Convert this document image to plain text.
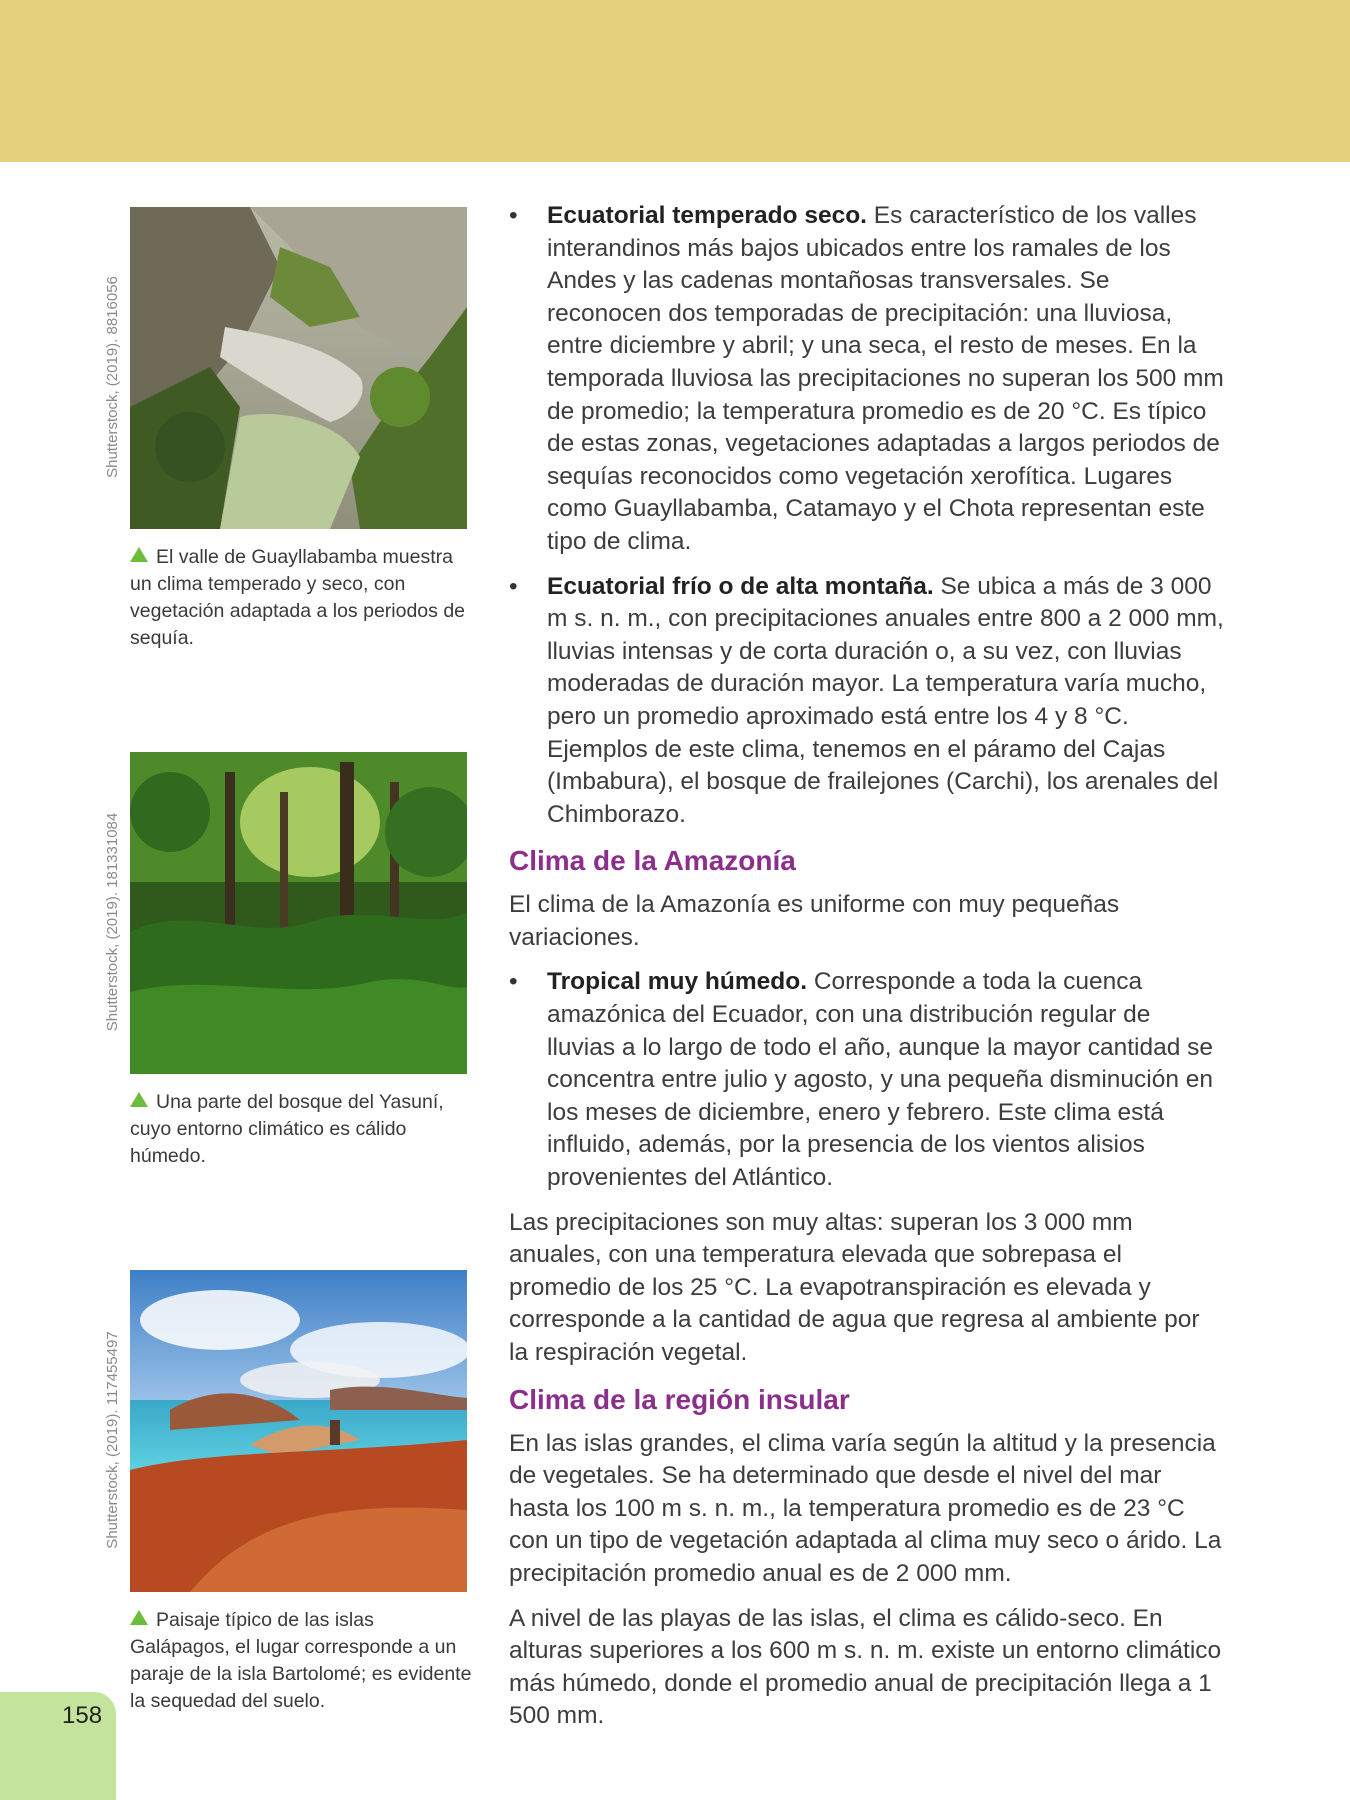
Shutterstock, (2019). 8816056
El valle de Guayllabamba muestra un clima temperado y seco, con vegetación adaptada a los periodos de sequía.
Shutterstock, (2019). 181331084
Una parte del bosque del Yasuní, cuyo entorno climático es cálido húmedo.
Shutterstock, (2019). 117455497
Paisaje típico de las islas Galápagos, el lugar corresponde a un paraje de la isla Bartolomé; es evidente la sequedad del suelo.
• Ecuatorial temperado seco. Es característico de los valles interandinos más bajos ubicados entre los ramales de los Andes y las cadenas montañosas transversales. Se reconocen dos temporadas de precipitación: una lluviosa, entre diciembre y abril; y una seca, el resto de meses. En la temporada lluviosa las precipitaciones no superan los 500 mm de promedio; la temperatura promedio es de 20 °C. Es típico de estas zonas, vegetaciones adaptadas a largos periodos de sequías reconocidos como vegetación xerofítica. Lugares como Guayllabamba, Catamayo y el Chota representan este tipo de clima.
• Ecuatorial frío o de alta montaña. Se ubica a más de 3 000 m s. n. m., con precipitaciones anuales entre 800 a 2 000 mm, lluvias intensas y de corta duración o, a su vez, con lluvias moderadas de duración mayor. La temperatura varía mucho, pero un promedio aproximado está entre los 4 y 8 °C. Ejemplos de este clima, tenemos en el páramo del Cajas (Imbabura), el bosque de frailejones (Carchi), los arenales del Chimborazo.
Clima de la Amazonía

El clima de la Amazonía es uniforme con muy pequeñas variaciones.

• Tropical muy húmedo. Corresponde a toda la cuenca amazónica del Ecuador, con una distribución regular de lluvias a lo largo de todo el año, aunque la mayor cantidad se concentra entre julio y agosto, y una pequeña disminución en los meses de diciembre, enero y febrero. Este clima está influido, además, por la presencia de los vientos alisios provenientes del Atlántico.

Las precipitaciones son muy altas: superan los 3 000 mm anuales, con una temperatura elevada que sobrepasa el promedio de los 25 °C. La evapotranspiración es elevada y corresponde a la cantidad de agua que regresa al ambiente por la respiración vegetal.

Clima de la región insular

En las islas grandes, el clima varía según la altitud y la presencia de vegetales. Se ha determinado que desde el nivel del mar hasta los 100 m s. n. m., la temperatura promedio es de 23 °C con un tipo de vegetación adaptada al clima muy seco o árido. La precipitación promedio anual es de 2 000 mm.

A nivel de las playas de las islas, el clima es cálido-seco. En alturas superiores a los 600 m s. n. m. existe un entorno climático más húmedo, donde el promedio anual de precipitación llega a 1 500 mm.

158
